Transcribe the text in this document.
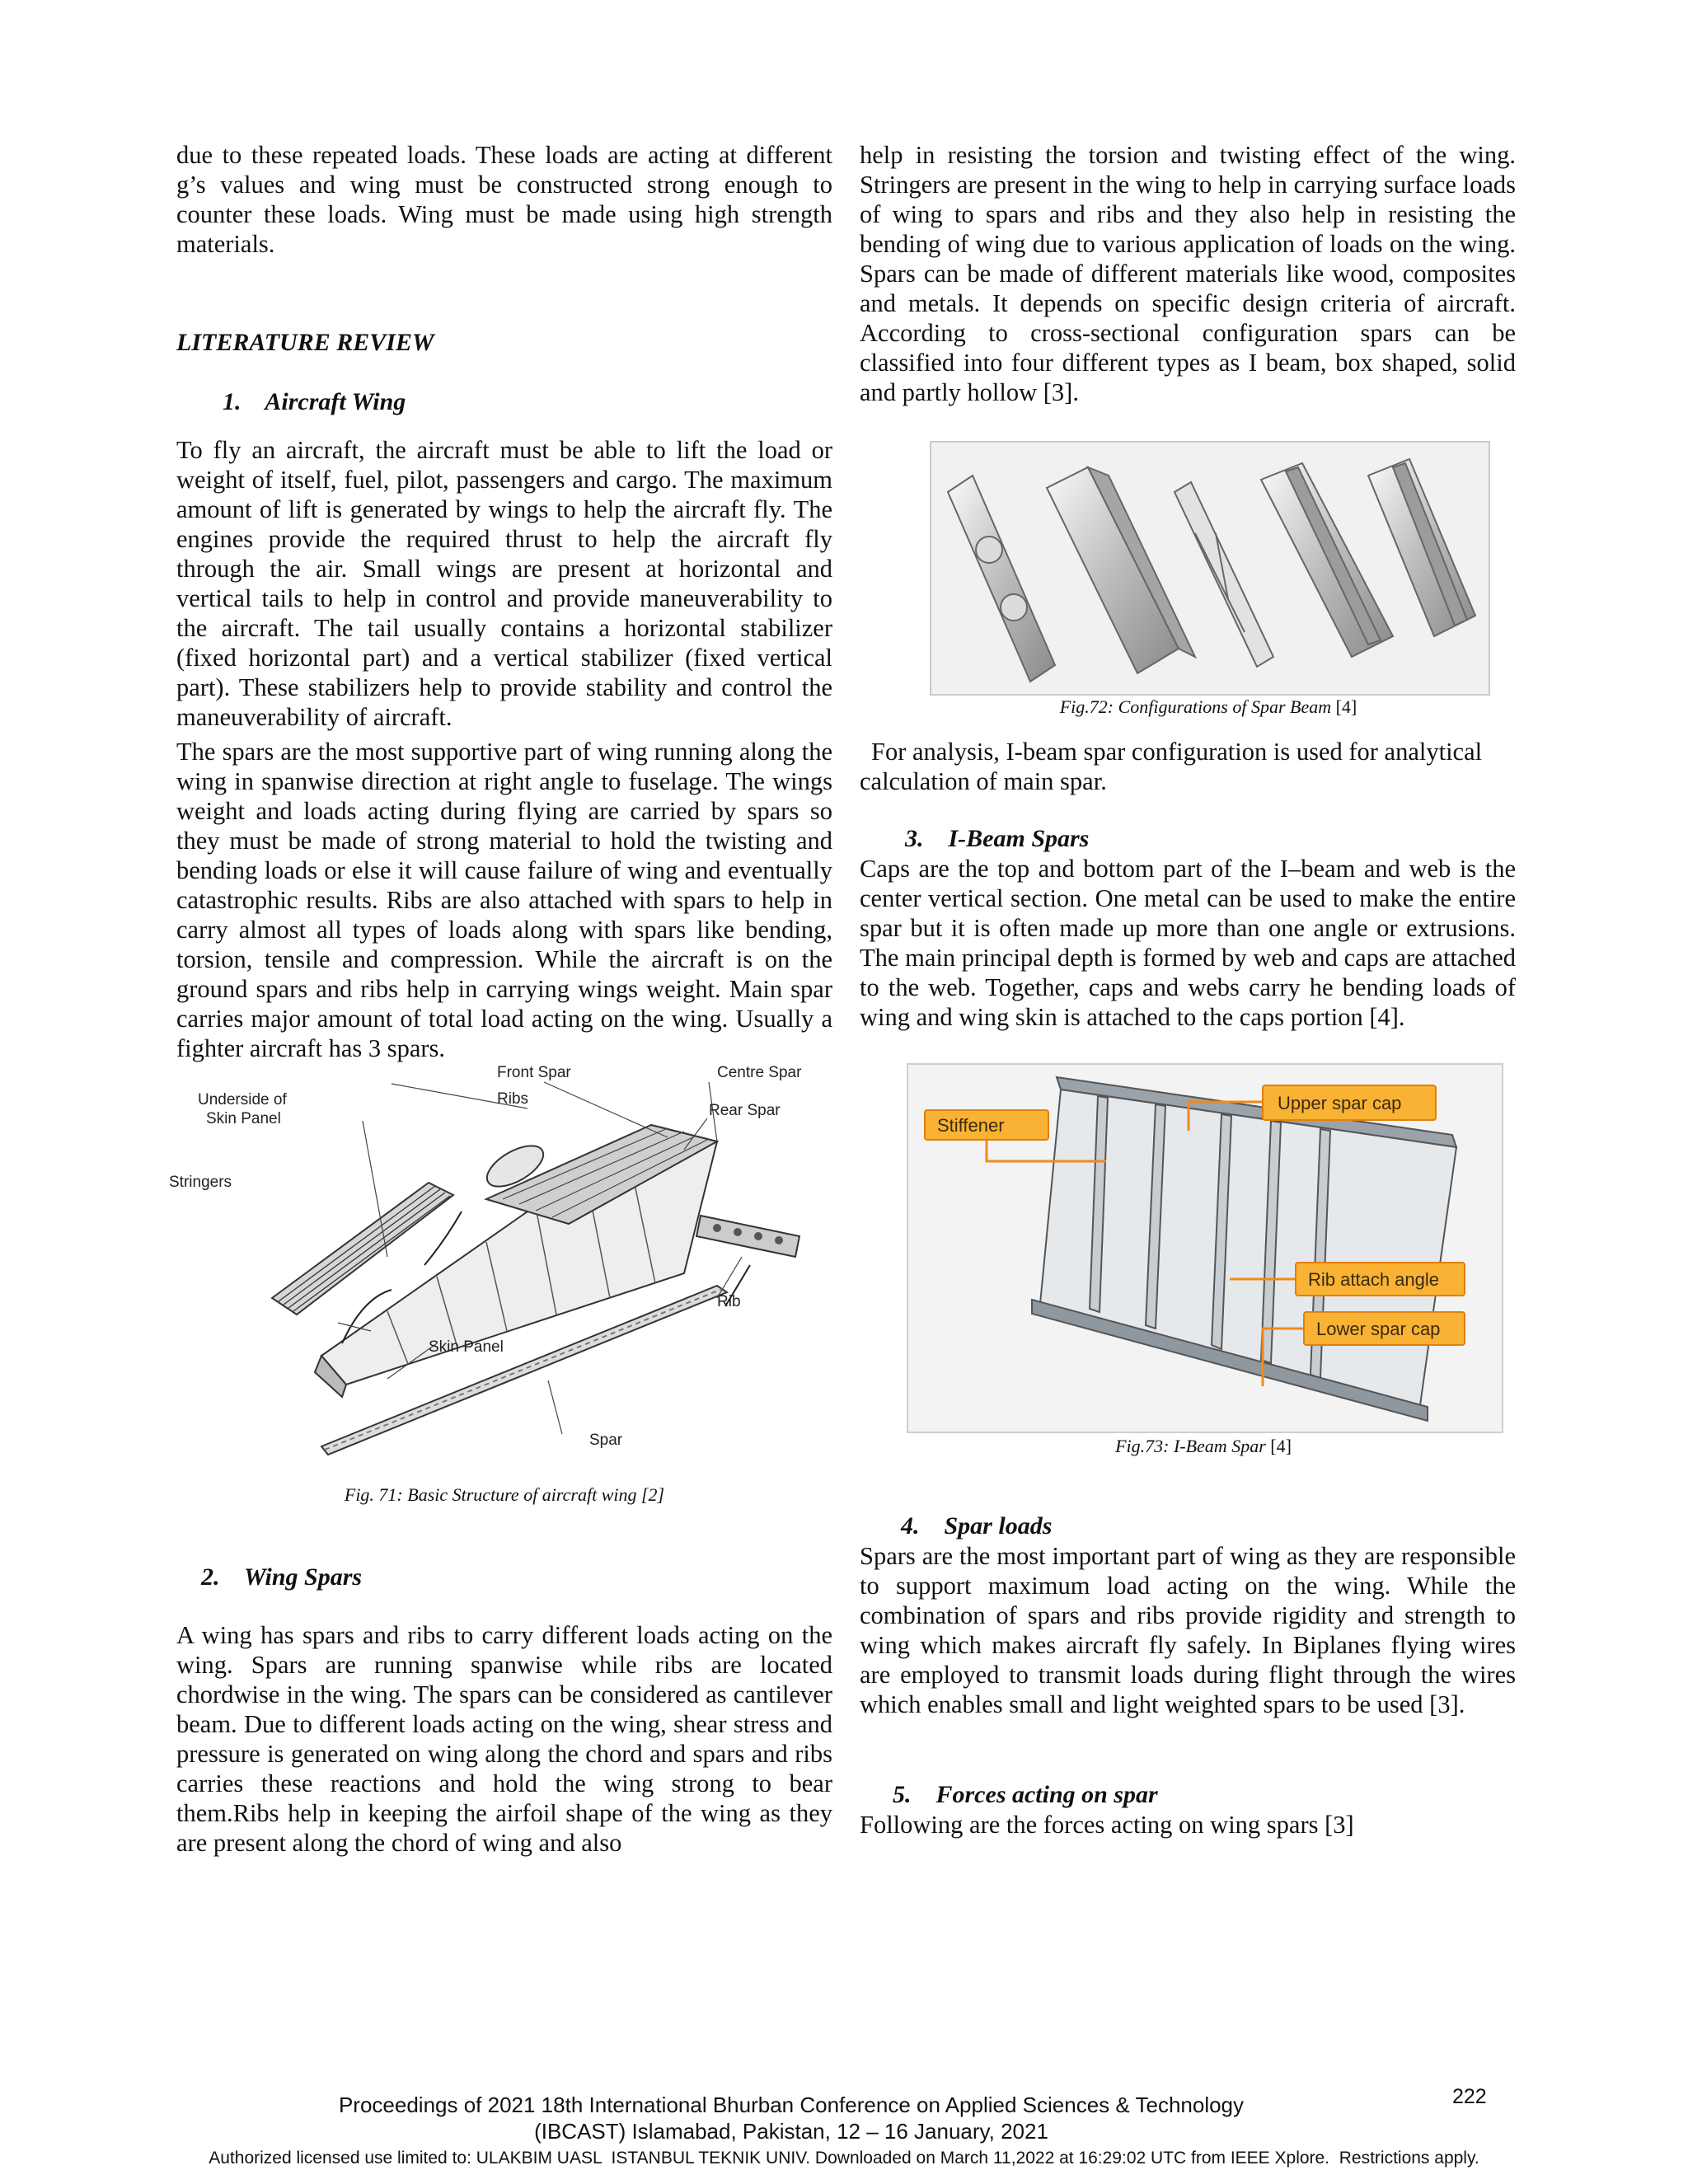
due to these repeated loads. These loads are acting at different g’s values and wing must be constructed strong enough to counter these loads. Wing must be made using high strength materials.

LITERATURE REVIEW
1.    Aircraft Wing

To fly an aircraft, the aircraft must be able to lift the load or weight of itself, fuel, pilot, passengers and cargo. The maximum amount of lift is generated by wings to help the aircraft fly. The engines provide the required thrust to help the aircraft fly through the air. Small wings are present at horizontal and vertical tails to help in control and provide maneuverability to the aircraft. The tail usually contains a horizontal stabilizer (fixed horizontal part) and a vertical stabilizer (fixed vertical part). These stabilizers help to provide stability and control the maneuverability of aircraft.

The spars are the most supportive part of wing running along the wing in spanwise direction at right angle to fuselage. The wings weight and loads acting during flying are carried by spars so they must be made of strong material to hold the twisting and bending loads or else it will cause failure of wing and eventually catastrophic results. Ribs are also attached with spars to help in carry almost all types of loads along with spars like bending, torsion, tensile and compression. While the aircraft is on the ground spars and ribs help in carrying wings weight. Main spar carries major amount of total load acting on the wing. Usually a fighter aircraft has 3 spars.

Underside of
Skin Panel
Stringers
Front Spar	Centre Spar
Rear Spar
Ribs
Rib
Skin Panel
Spar
Fig. 71: Basic Structure of aircraft wing [2]
2.    Wing Spars

A wing has spars and ribs to carry different loads acting on the wing. Spars are running spanwise while ribs are located chordwise in the wing. The spars can be considered as cantilever beam. Due to different loads acting on the wing, shear stress and pressure is generated on wing along the chord and spars and ribs carries these reactions and hold the wing strong to bear them.Ribs help in keeping the airfoil shape of the wing as they are present along the chord of wing and also

help in resisting the torsion and twisting effect of the wing. Stringers are present in the wing to help in carrying surface loads of wing to spars and ribs and they also help in resisting the bending of wing due to various application of loads on the wing. Spars can be made of different materials like wood, composites and metals. It depends on specific design criteria of aircraft. According to cross-sectional configuration spars can be classified into four different types as I beam, box shaped, solid and partly hollow [3].

Fig.72: Configurations of Spar Beam [4]

For analysis, I-beam spar configuration is used for analytical calculation of main spar.

3.    I-Beam Spars

Caps are the top and bottom part of the I–beam and web is the center vertical section. One metal can be used to make the entire spar but it is often made up more than one angle or extrusions. The main principal depth is formed by web and caps are attached to the web. Together, caps and webs carry he bending loads of wing and wing skin is attached to the caps portion [4].

Stiffener
Upper spar cap
Rib attach angle
Lower spar cap
Fig.73: I-Beam Spar [4]
4.    Spar loads

Spars are the most important part of wing as they are responsible to support maximum load acting on the wing. While the combination of spars and ribs provide rigidity and strength to wing which makes aircraft fly safely. In Biplanes flying wires are employed to transmit loads during flight through the wires which enables small and light weighted spars to be used [3].

5.    Forces acting on spar

Following are the forces acting on wing spars [3]

Proceedings of 2021 18th International Bhurban Conference on Applied Sciences & Technology
(IBCAST) Islamabad, Pakistan, 12 – 16 January, 2021
222
Authorized licensed use limited to: ULAKBIM UASL  ISTANBUL TEKNIK UNIV. Downloaded on March 11,2022 at 16:29:02 UTC from IEEE Xplore.  Restrictions apply.
